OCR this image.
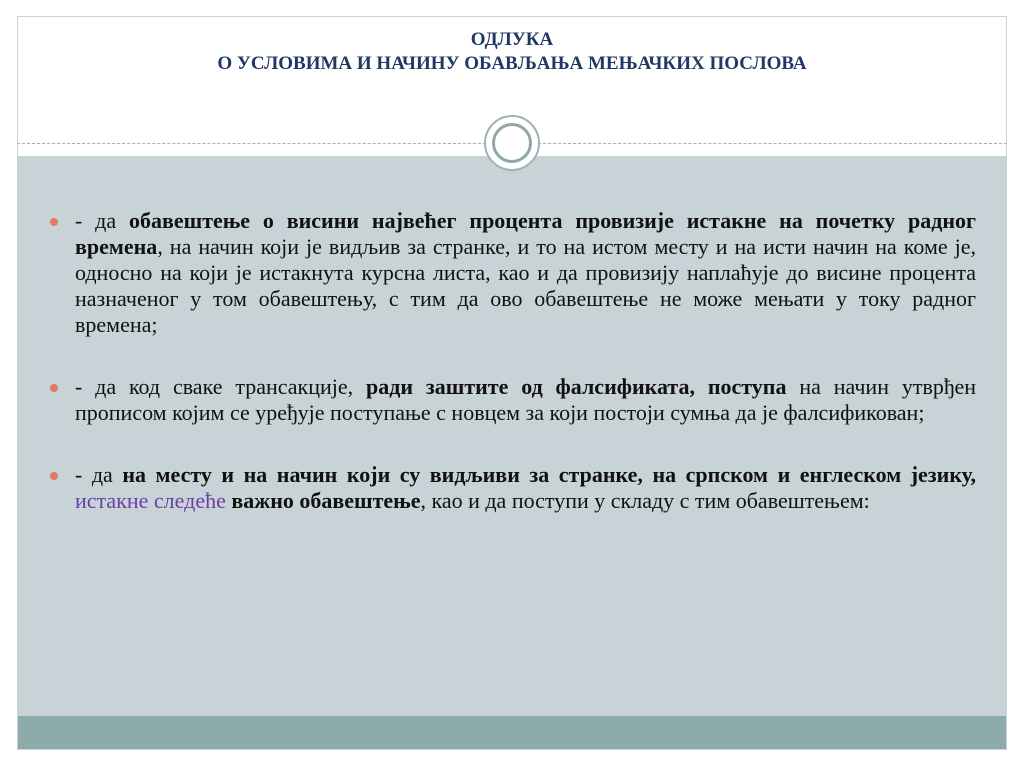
ОДЛУКА
О УСЛОВИМА И НАЧИНУ ОБАВЉАЊА МЕЊАЧКИХ ПОСЛОВА
- да обавештење о висини највећег процента провизије истакне на почетку радног времена, на начин који је видљив за странке, и то на истом месту и на исти начин на коме је, односно на који је истакнута курсна листа, као и да провизију наплаћује до висине процента назначеног у том обавештењу, с тим да ово обавештење не може мењати у току радног времена;
- да код сваке трансакције, ради заштите од фалсификата, поступа на начин утврђен прописом којим се уређује поступање с новцем за који постоји сумња да је фалсификован;
- да на месту и на начин који су видљиви за странке, на српском и енглеском језику, истакне следеће важно обавештење, као и да поступи у складу с тим обавештењем:
